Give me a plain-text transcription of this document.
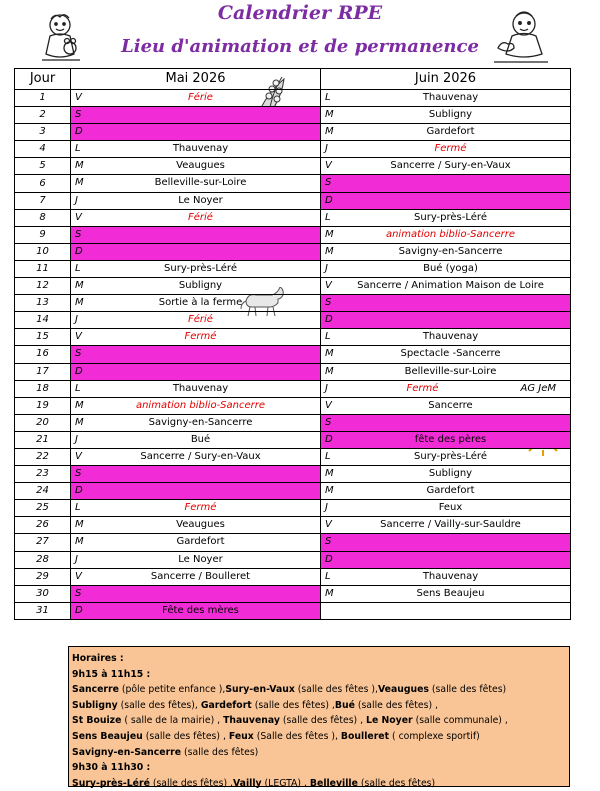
Calendrier RPE
Lieu d'animation et de permanence
Jour	Mai 2026	Juin 2026
1	V Férie	L Thauvenay

2	S	M Subligny

3	D	M Gardefort

4	L Thauvenay	J Fermé

5	M Veaugues	V Sancerre / Sury-en-Vaux

6	M Belleville-sur-Loire	S

7	J Le Noyer	D

8	V Férié	L Sury-près-Léré

9	S	M animation biblio-Sancerre

10	D	M Savigny-en-Sancerre

11	L Sury-près-Léré	J Bué (yoga)

12	M Subligny	V Sancerre / Animation Maison de Loire

13	M Sortie à la ferme	S

14	J Férié	D

15	V Fermé	L Thauvenay

16	S	M Spectacle -Sancerre

17	D	M Belleville-sur-Loire

18	L Thauvenay	J Fermé AG JeM

19	M animation biblio-Sancerre	V Sancerre

20	M Savigny-en-Sancerre	S

21	J Bué	D fête des pères

22	V Sancerre / Sury-en-Vaux	L Sury-près-Léré

23	S	M Subligny

24	D	M Gardefort

25	L Fermé	J Feux

26	M Veaugues	V Sancerre / Vailly-sur-Sauldre

27	M Gardefort	S

28	J Le Noyer	D

29	V Sancerre / Boulleret	L Thauvenay

30	S	M Sens Beaujeu

31	D Fête des mères	

Horaires :
9h15 à 11h15 :
Sancerre (pôle petite enfance ),Sury-en-Vaux (salle des fêtes ),Veaugues (salle des fêtes)
Subligny (salle des fêtes), Gardefort (salle des fêtes) ,Bué (salle des fêtes) ,
St Bouize ( salle de la mairie) , Thauvenay (salle des fêtes) , Le Noyer (salle communale) ,
Sens Beaujeu (salle des fêtes) , Feux (Salle des fêtes ), Boulleret ( complexe sportif)
Savigny-en-Sancerre (salle des fêtes)
9h30 à 11h30 :
Sury-près-Léré (salle des fêtes) ,Vailly (LEGTA) , Belleville (salle des fêtes)
